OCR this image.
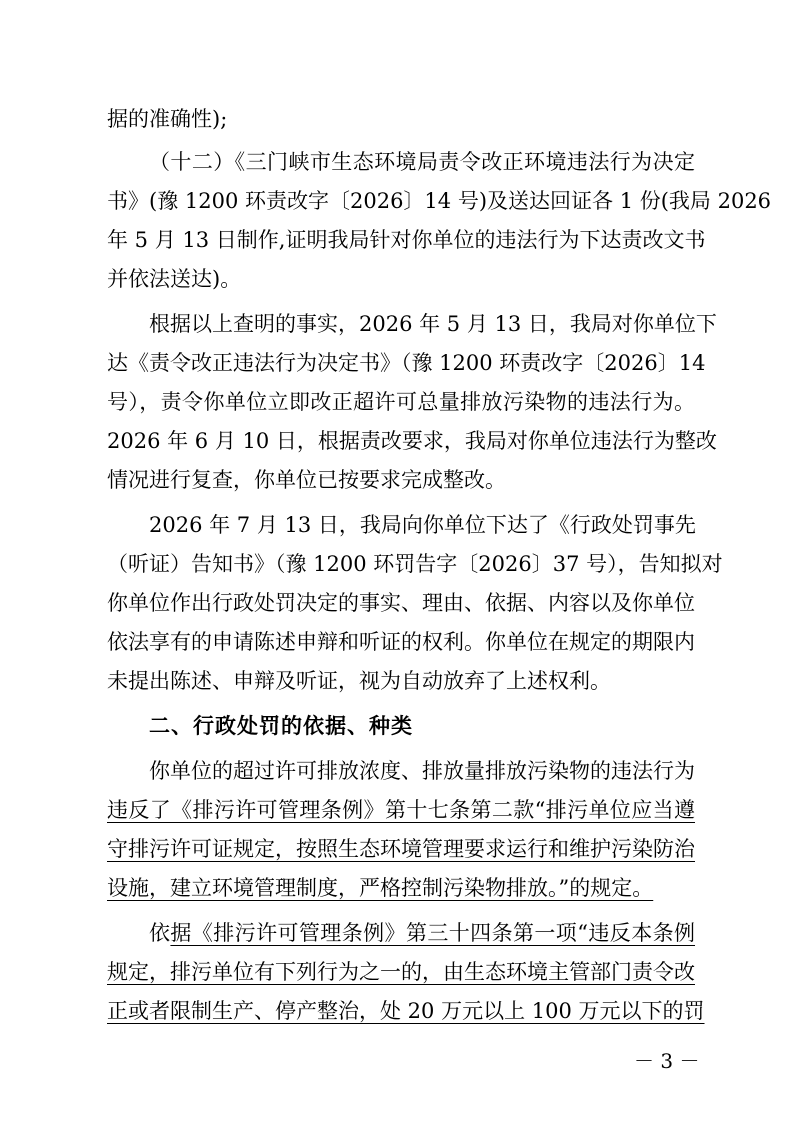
据的准确性);
（十二）《三门峡市生态环境局责令改正环境违法行为决定
书》(豫 1200 环责改字〔2026〕14 号)及送达回证各 1 份(我局 2026
年 5 月 13 日制作,证明我局针对你单位的违法行为下达责改文书
并依法送达)。
根据以上查明的事实，2026 年 5 月 13 日，我局对你单位下
达《责令改正违法行为决定书》（豫 1200 环责改字〔2026〕14
号），责令你单位立即改正超许可总量排放污染物的违法行为。
2026 年 6 月 10 日，根据责改要求，我局对你单位违法行为整改
情况进行复查，你单位已按要求完成整改。
2026 年 7 月 13 日，我局向你单位下达了《行政处罚事先
（听证）告知书》（豫 1200 环罚告字〔2026〕37 号），告知拟对
你单位作出行政处罚决定的事实、理由、依据、内容以及你单位
依法享有的申请陈述申辩和听证的权利。你单位在规定的期限内
未提出陈述、申辩及听证，视为自动放弃了上述权利。
二、行政处罚的依据、种类
你单位的超过许可排放浓度、排放量排放污染物的违法行为
违反了《排污许可管理条例》第十七条第二款“排污单位应当遵
守排污许可证规定，按照生态环境管理要求运行和维护污染防治
设施，建立环境管理制度，严格控制污染物排放。”的规定。
依据《排污许可管理条例》第三十四条第一项“违反本条例
规定，排污单位有下列行为之一的，由生态环境主管部门责令改
正或者限制生产、停产整治，处 20 万元以上 100 万元以下的罚
－ 3 －
